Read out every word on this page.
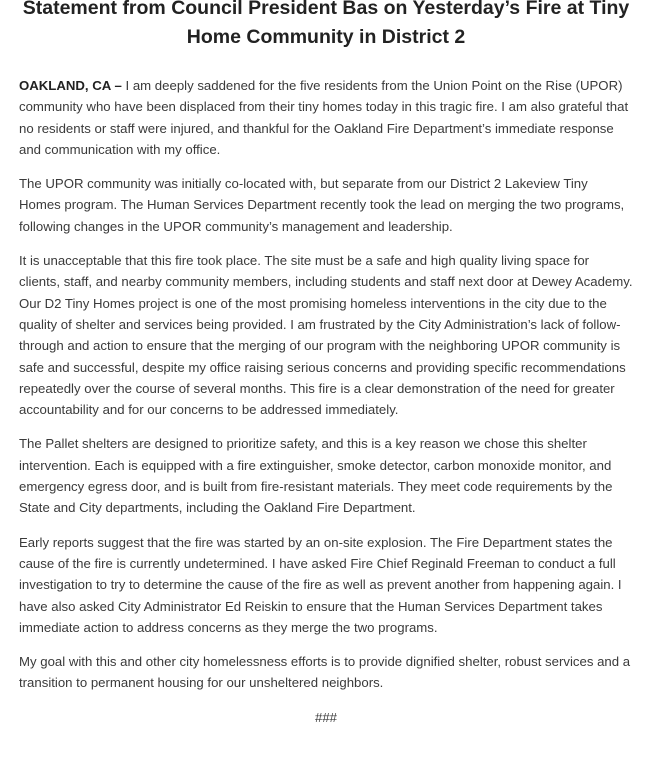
Statement from Council President Bas on Yesterday’s Fire at Tiny Home Community in District 2

OAKLAND, CA – I am deeply saddened for the five residents from the Union Point on the Rise (UPOR) community who have been displaced from their tiny homes today in this tragic fire. I am also grateful that no residents or staff were injured, and thankful for the Oakland Fire Department’s immediate response and communication with my office.

The UPOR community was initially co-located with, but separate from our District 2 Lakeview Tiny Homes program. The Human Services Department recently took the lead on merging the two programs, following changes in the UPOR community’s management and leadership.

It is unacceptable that this fire took place. The site must be a safe and high quality living space for clients, staff, and nearby community members, including students and staff next door at Dewey Academy. Our D2 Tiny Homes project is one of the most promising homeless interventions in the city due to the quality of shelter and services being provided. I am frustrated by the City Administration’s lack of follow-through and action to ensure that the merging of our program with the neighboring UPOR community is safe and successful, despite my office raising serious concerns and providing specific recommendations repeatedly over the course of several months. This fire is a clear demonstration of the need for greater accountability and for our concerns to be addressed immediately.

The Pallet shelters are designed to prioritize safety, and this is a key reason we chose this shelter intervention. Each is equipped with a fire extinguisher, smoke detector, carbon monoxide monitor, and emergency egress door, and is built from fire-resistant materials. They meet code requirements by the State and City departments, including the Oakland Fire Department.

Early reports suggest that the fire was started by an on-site explosion. The Fire Department states the cause of the fire is currently undetermined. I have asked Fire Chief Reginald Freeman to conduct a full investigation to try to determine the cause of the fire as well as prevent another from happening again. I have also asked City Administrator Ed Reiskin to ensure that the Human Services Department takes immediate action to address concerns as they merge the two programs.

My goal with this and other city homelessness efforts is to provide dignified shelter, robust services and a transition to permanent housing for our unsheltered neighbors.

###
